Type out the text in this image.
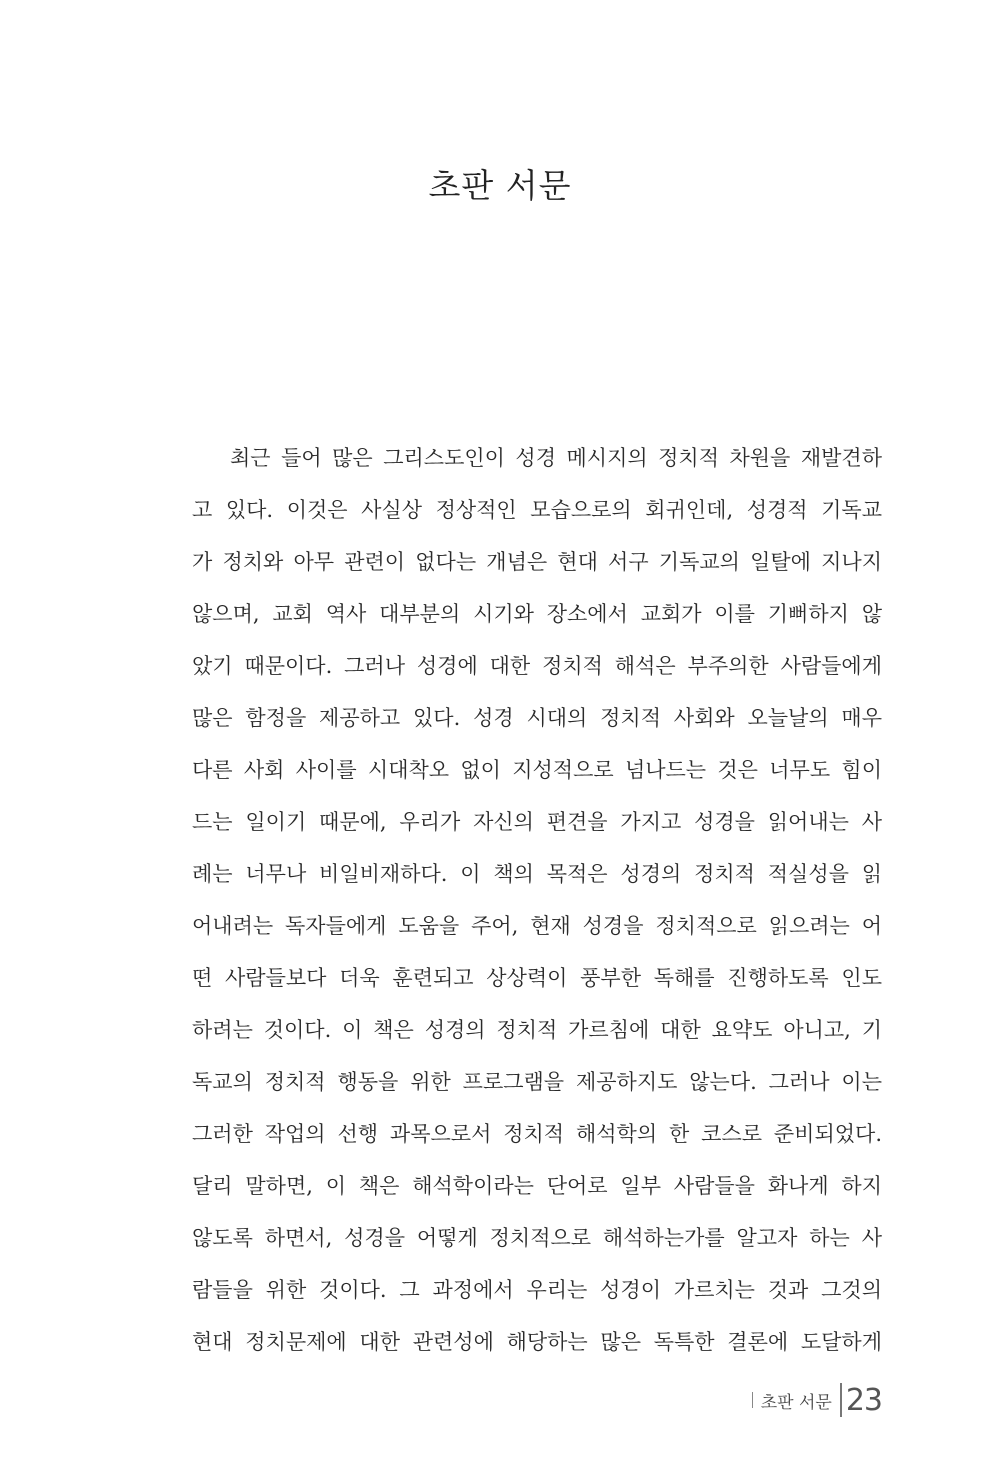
초판 서문
최근 들어 많은 그리스도인이 성경 메시지의 정치적 차원을 재발견하
고 있다. 이것은 사실상 정상적인 모습으로의 회귀인데, 성경적 기독교
가 정치와 아무 관련이 없다는 개념은 현대 서구 기독교의 일탈에 지나지
않으며, 교회 역사 대부분의 시기와 장소에서 교회가 이를 기뻐하지 않
았기 때문이다. 그러나 성경에 대한 정치적 해석은 부주의한 사람들에게
많은 함정을 제공하고 있다. 성경 시대의 정치적 사회와 오늘날의 매우
다른 사회 사이를 시대착오 없이 지성적으로 넘나드는 것은 너무도 힘이
드는 일이기 때문에, 우리가 자신의 편견을 가지고 성경을 읽어내는 사
례는 너무나 비일비재하다. 이 책의 목적은 성경의 정치적 적실성을 읽
어내려는 독자들에게 도움을 주어, 현재 성경을 정치적으로 읽으려는 어
떤 사람들보다 더욱 훈련되고 상상력이 풍부한 독해를 진행하도록 인도
하려는 것이다. 이 책은 성경의 정치적 가르침에 대한 요약도 아니고, 기
독교의 정치적 행동을 위한 프로그램을 제공하지도 않는다. 그러나 이는
그러한 작업의 선행 과목으로서 정치적 해석학의 한 코스로 준비되었다.
달리 말하면, 이 책은 해석학이라는 단어로 일부 사람들을 화나게 하지
않도록 하면서, 성경을 어떻게 정치적으로 해석하는가를 알고자 하는 사
람들을 위한 것이다. 그 과정에서 우리는 성경이 가르치는 것과 그것의
현대 정치문제에 대한 관련성에 해당하는 많은 독특한 결론에 도달하게
초판 서문 23
